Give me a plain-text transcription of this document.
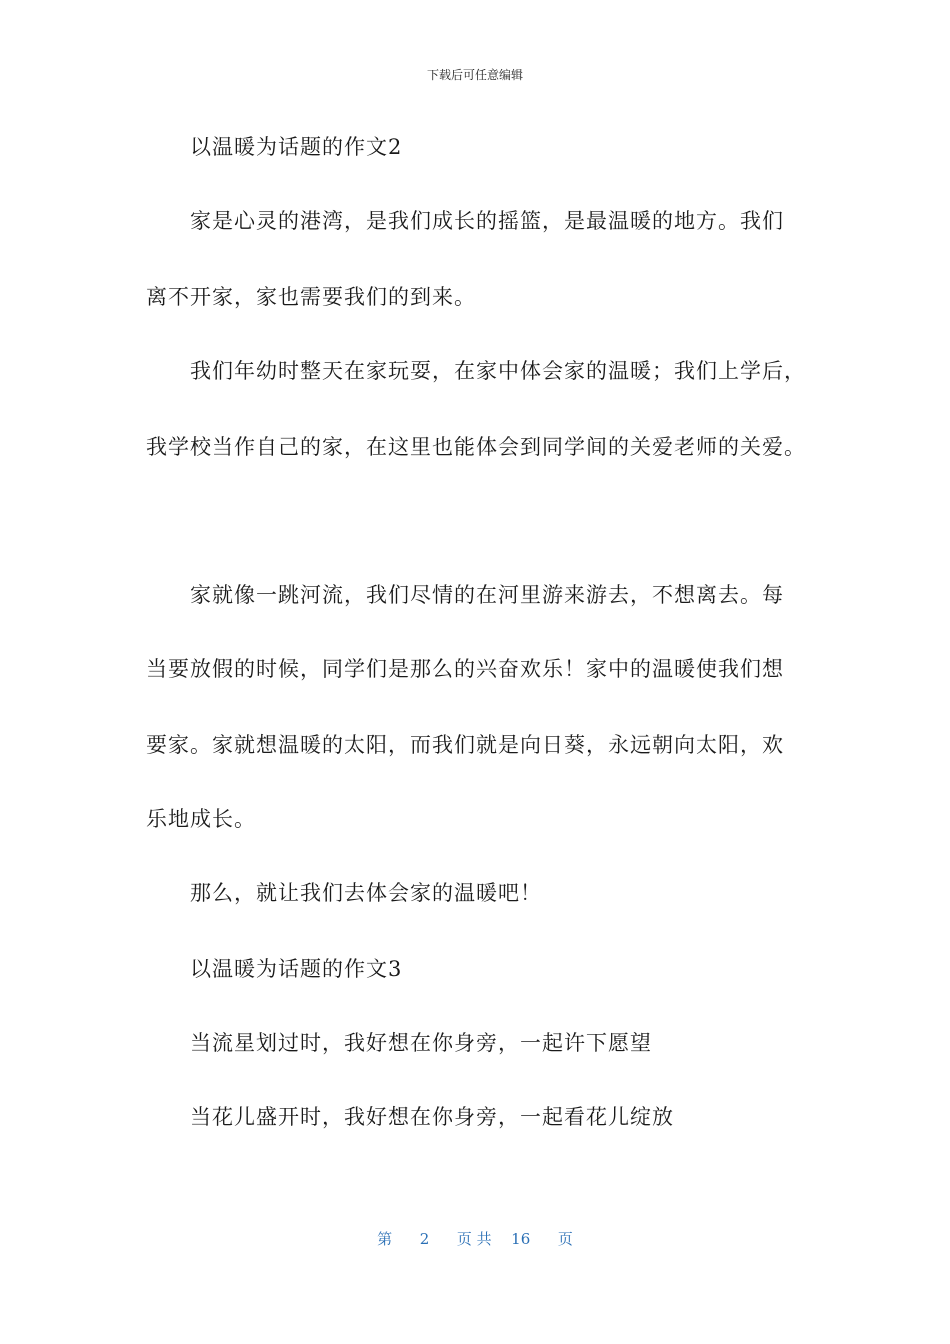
下载后可任意编辑
以温暖为话题的作文2
家是心灵的港湾，是我们成长的摇篮，是最温暖的地方。我们
离不开家，家也需要我们的到来。
我们年幼时整天在家玩耍，在家中体会家的温暖；我们上学后，
我学校当作自己的家，在这里也能体会到同学间的关爱老师的关爱。
家就像一跳河流，我们尽情的在河里游来游去，不想离去。每
当要放假的时候，同学们是那么的兴奋欢乐！家中的温暖使我们想
要家。家就想温暖的太阳，而我们就是向日葵，永远朝向太阳，欢
乐地成长。
那么，就让我们去体会家的温暖吧！
以温暖为话题的作文3
当流星划过时，我好想在你身旁，一起许下愿望
当花儿盛开时，我好想在你身旁，一起看花儿绽放
第 2 页 共 16 页
